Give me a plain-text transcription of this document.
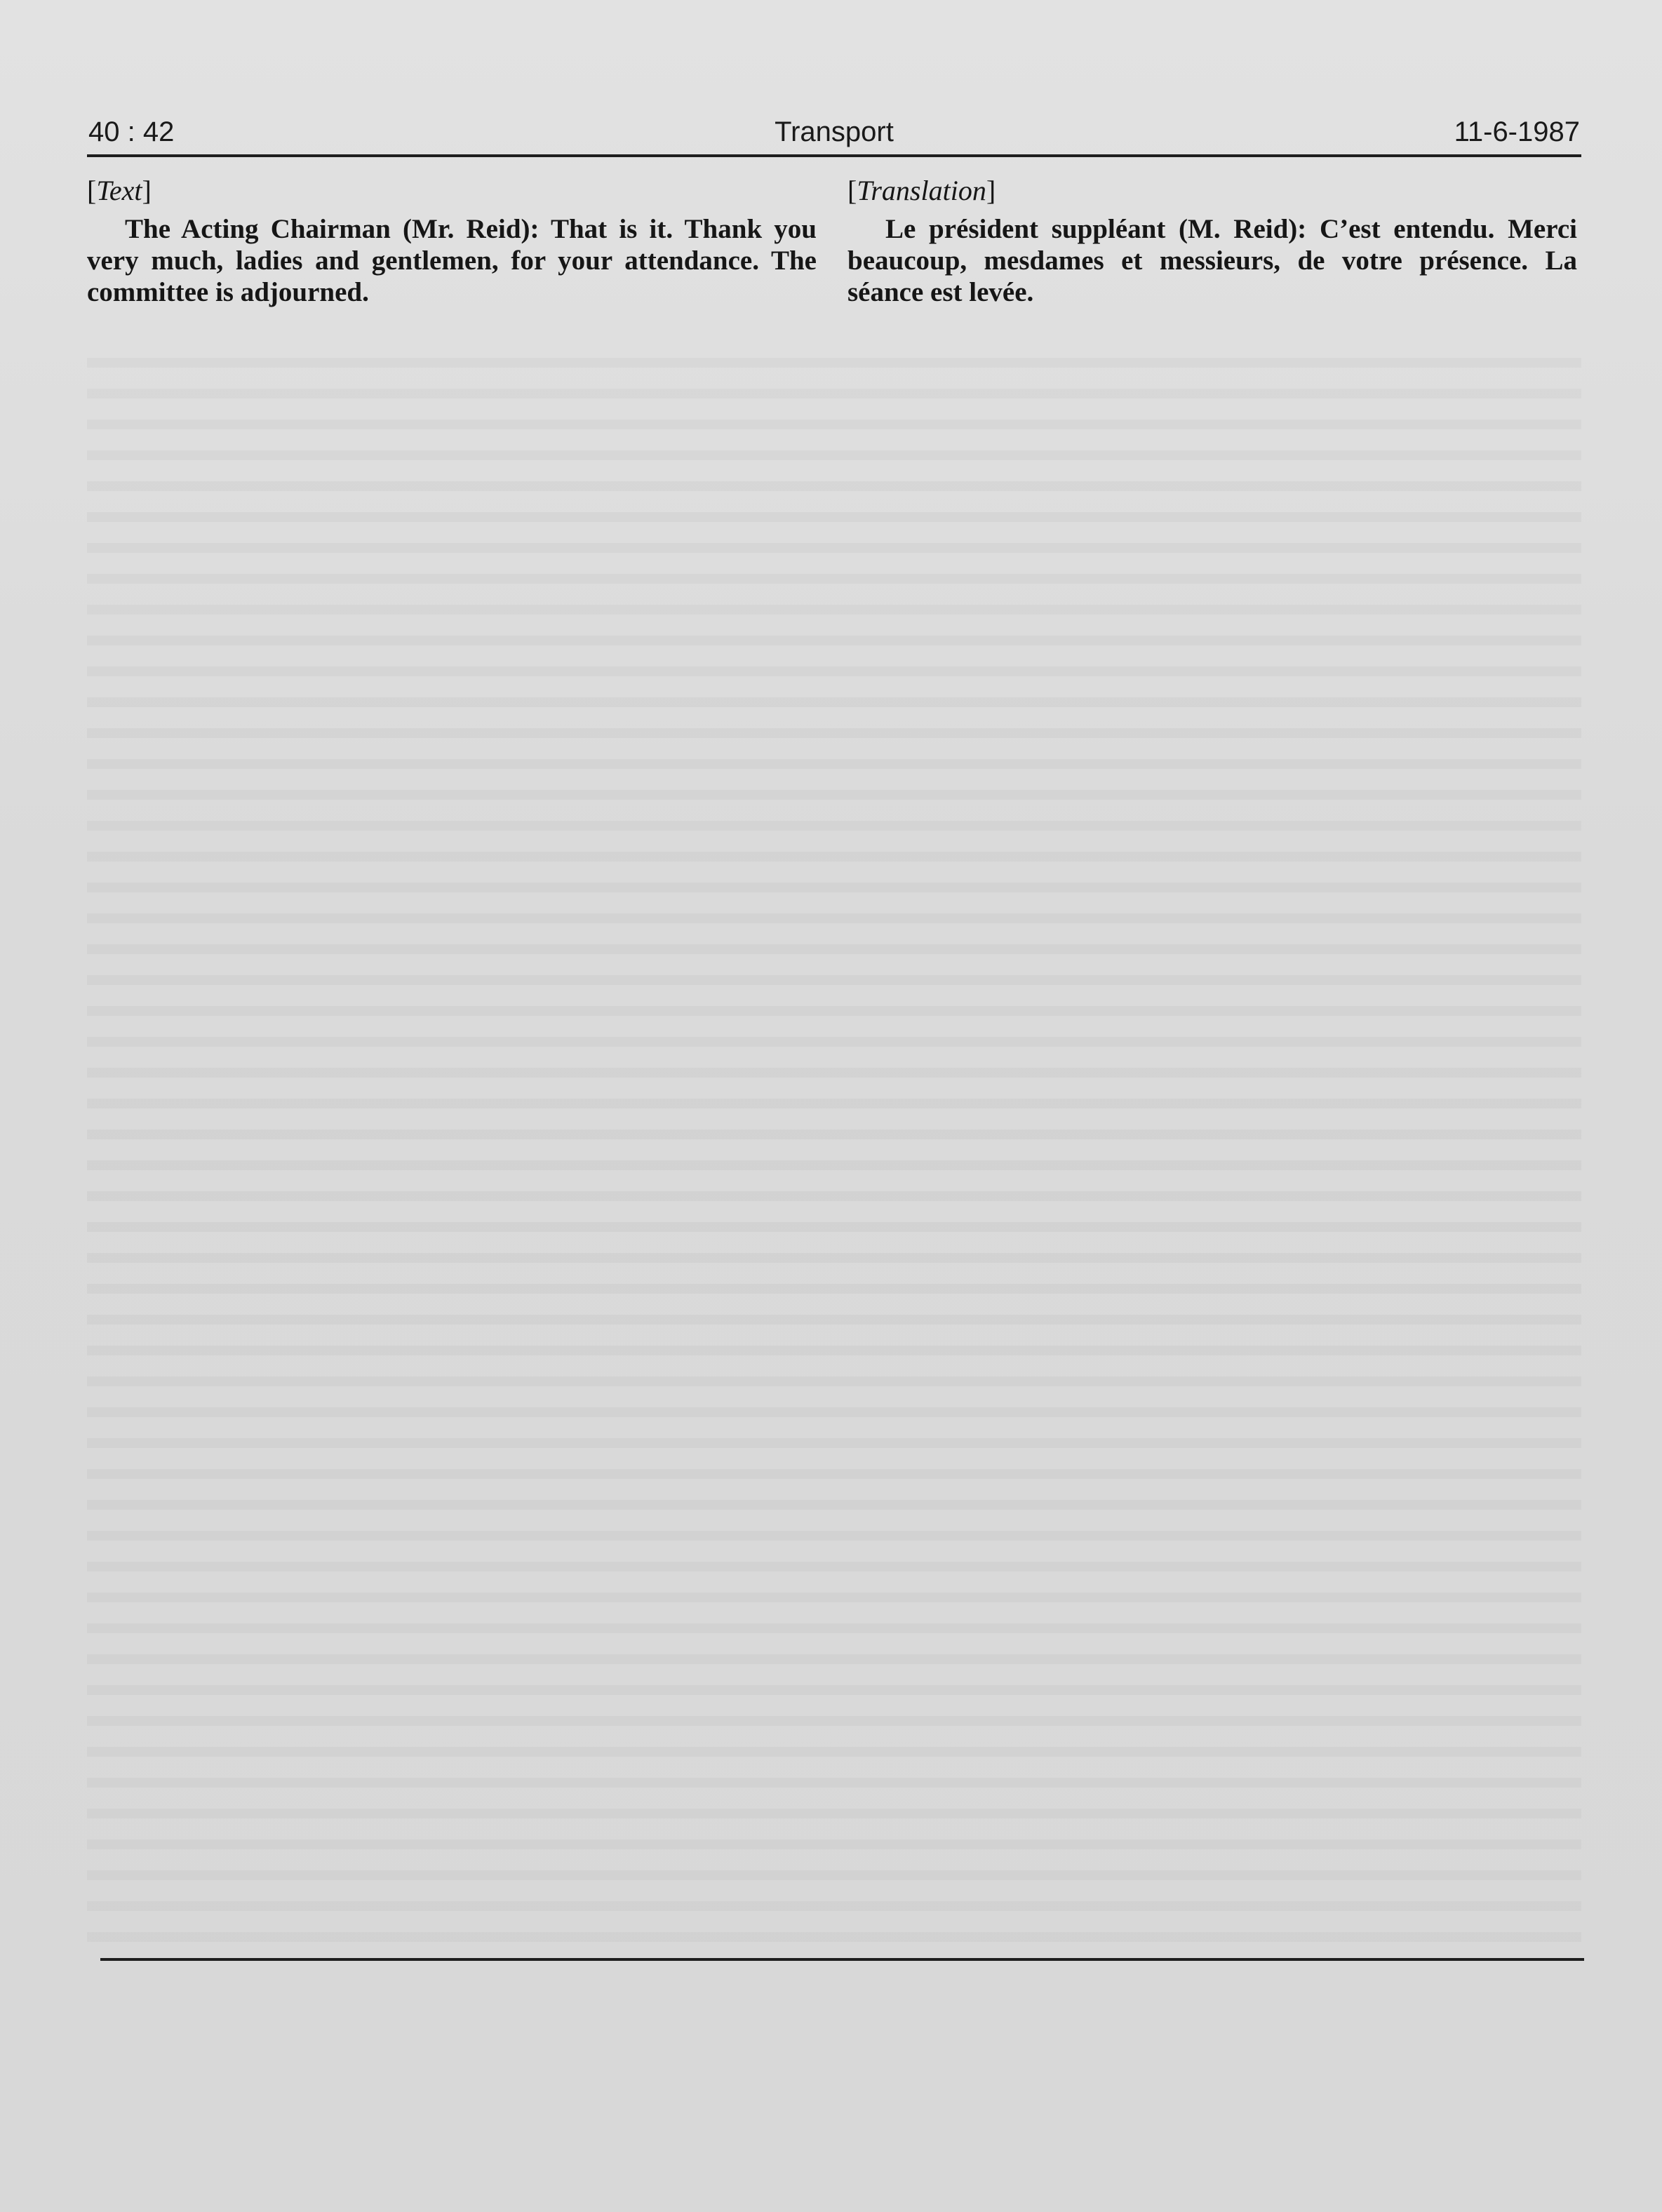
40 : 42	Transport	11-6-1987
[Text]

The Acting Chairman (Mr. Reid): That is it. Thank you very much, ladies and gentlemen, for your attendance. The committee is adjourned.

[Translation]

Le président suppléant (M. Reid): C’est entendu. Merci beaucoup, mesdames et messieurs, de votre présence. La séance est levée.
